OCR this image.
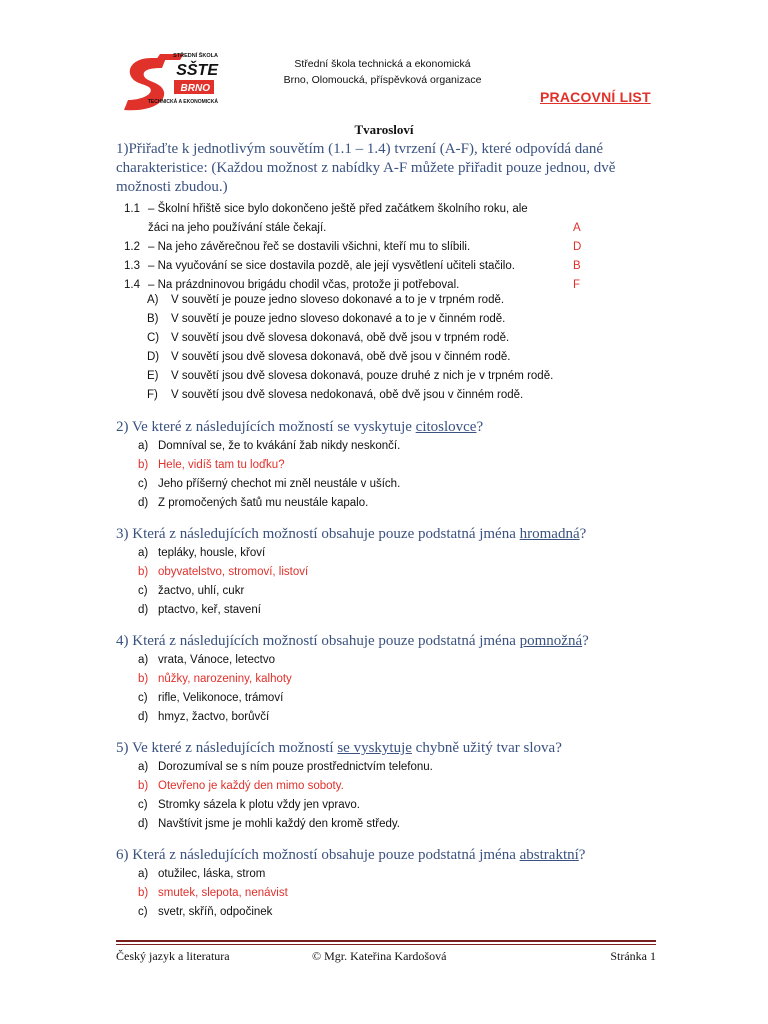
STŘEDNÍ ŠKOLA
SŠTE
BRNO
TECHNICKÁ A EKONOMICKÁ
Střední škola technická a ekonomická
Brno, Olomoucká, příspěvková organizace
PRACOVNÍ LIST
Tvarosloví
1)Přiřaďte k jednotlivým souvětím (1.1 – 1.4) tvrzení (A-F), které odpovídá dané charakteristice: (Každou možnost z nabídky A-F můžete přiřadit pouze jednou, dvě možnosti zbudou.)
1.1 – Školní hřiště sice bylo dokončeno ještě před začátkem školního roku, ale žáci na jeho používání stále čekají.	A
1.2 – Na jeho závěrečnou řeč se dostavili všichni, kteří mu to slíbili.	D
1.3 – Na vyučování se sice dostavila pozdě, ale její vysvětlení učiteli stačilo.	B
1.4 – Na prázdninovou brigádu chodil včas, protože ji potřeboval.	F
A)	V souvětí je pouze jedno sloveso dokonavé a to je v trpném rodě.
B)	V souvětí je pouze jedno sloveso dokonavé a to je v činném rodě.
C)	V souvětí jsou dvě slovesa dokonavá, obě dvě jsou v trpném rodě.
D)	V souvětí jsou dvě slovesa dokonavá, obě dvě jsou v činném rodě.
E)	V souvětí jsou dvě slovesa dokonavá, pouze druhé z nich je v trpném rodě.
F)	V souvětí jsou dvě slovesa nedokonavá, obě dvě jsou v činném rodě.
2) Ve které z následujících možností se vyskytuje citoslovce?
a) Domníval se, že to kvákání žab nikdy neskončí.
b) Hele, vidíš tam tu loďku?
c) Jeho příšerný chechot mi zněl neustále v uších.
d) Z promočených šatů mu neustále kapalo.
3) Která z následujících možností obsahuje pouze podstatná jména hromadná?
a) tepláky, housle, křoví
b) obyvatelstvo, stromoví, listoví
c) žactvo, uhlí, cukr
d) ptactvo, keř, stavení
4) Která z následujících možností obsahuje pouze podstatná jména pomnožná?
a) vrata, Vánoce, letectvo
b) nůžky, narozeniny, kalhoty
c) rifle, Velikonoce, trámoví
d) hmyz, žactvo, borůvčí
5) Ve které z následujících možností se vyskytuje chybně užitý tvar slova?
a) Dorozumíval se s ním pouze prostřednictvím telefonu.
b) Otevřeno je každý den mimo soboty.
c) Stromky sázela k plotu vždy jen vpravo.
d) Navštívit jsme je mohli každý den kromě středy.
6) Která z následujících možností obsahuje pouze podstatná jména abstraktní?
a) otužilec, láska, strom
b) smutek, slepota, nenávist
c) svetr, skříň, odpočinek
Český jazyk a literatura	© Mgr. Kateřina Kardošová	Stránka 1
